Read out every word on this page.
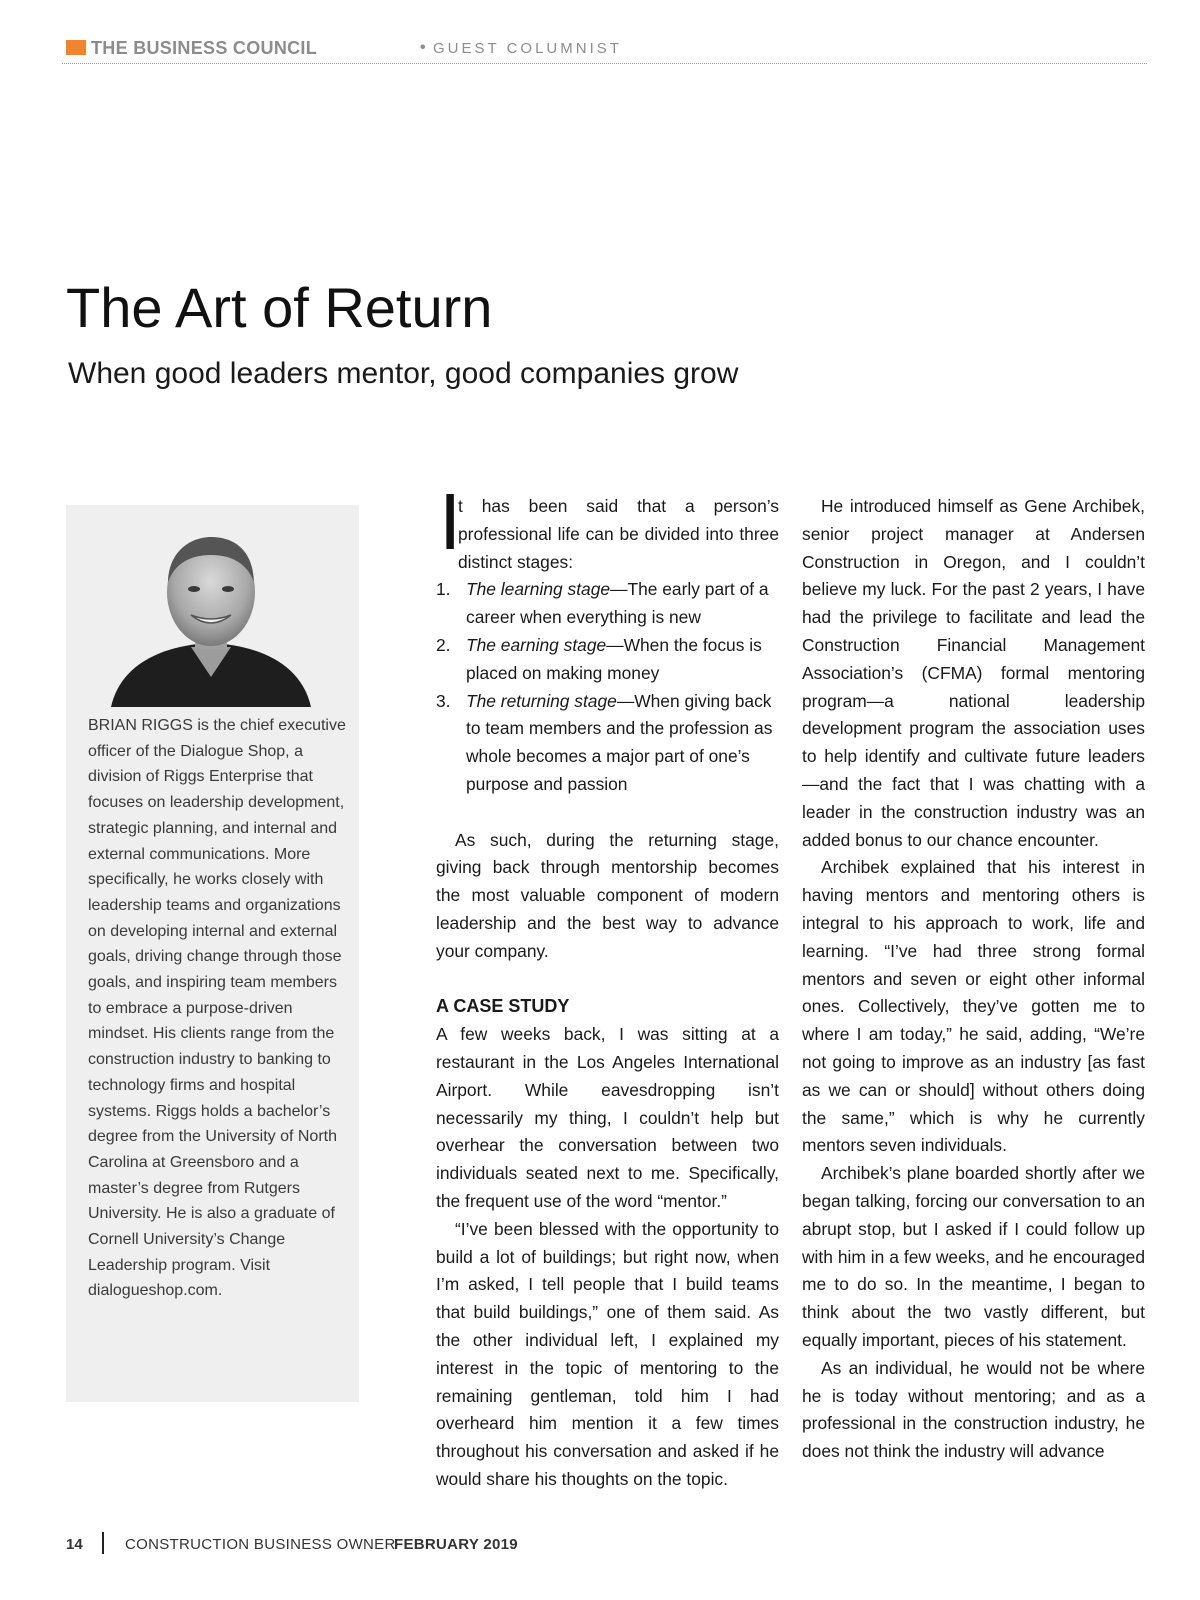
THE BUSINESS COUNCIL	• GUEST COLUMNIST
The Art of Return
When good leaders mentor, good companies grow
BRIAN RIGGS is the chief executive officer of the Dialogue Shop, a division of Riggs Enterprise that focuses on leadership development, strategic planning, and internal and external communications. More specifically, he works closely with leadership teams and organizations on developing internal and external goals, driving change through those goals, and inspiring team members to embrace a purpose-driven mindset. His clients range from the construction industry to banking to technology firms and hospital systems. Riggs holds a bachelor’s degree from the University of North Carolina at Greensboro and a master’s degree from Rutgers University. He is also a graduate of Cornell University’s Change Leadership program. Visit dialogueshop.com.

I
t has been said that a person’s professional life can be divided into three distinct stages:

1. The learning stage—The early part of a career when everything is new
2. The earning stage—When the focus is placed on making money
3. The returning stage—When giving back to team members and the profession as whole becomes a major part of one’s purpose and passion

As such, during the returning stage, giving back through mentorship becomes the most valuable component of modern leadership and the best way to advance your company.

A CASE STUDY

A few weeks back, I was sitting at a restaurant in the Los Angeles International Airport. While eavesdropping isn’t necessarily my thing, I couldn’t help but overhear the conversation between two individuals seated next to me. Specifically, the frequent use of the word “mentor.”

“I’ve been blessed with the opportunity to build a lot of buildings; but right now, when I’m asked, I tell people that I build teams that build buildings,” one of them said. As the other individual left, I explained my interest in the topic of mentoring to the remaining gentleman, told him I had overheard him mention it a few times throughout his conversation and asked if he would share his thoughts on the topic.

He introduced himself as Gene Archibek, senior project manager at Andersen Construction in Oregon, and I couldn’t believe my luck. For the past 2 years, I have had the privilege to facilitate and lead the Construction Financial Management Association’s (CFMA) formal mentoring program—a national leadership development program the association uses to help identify and cultivate future leaders—and the fact that I was chatting with a leader in the construction industry was an added bonus to our chance encounter.

Archibek explained that his interest in having mentors and mentoring others is integral to his approach to work, life and learning. “I’ve had three strong formal mentors and seven or eight other informal ones. Collectively, they’ve gotten me to where I am today,” he said, adding, “We’re not going to improve as an industry [as fast as we can or should] without others doing the same,” which is why he currently mentors seven individuals.

Archibek’s plane boarded shortly after we began talking, forcing our conversation to an abrupt stop, but I asked if I could follow up with him in a few weeks, and he encouraged me to do so. In the meantime, I began to think about the two vastly different, but equally important, pieces of his statement.

As an individual, he would not be where he is today without mentoring; and as a professional in the construction industry, he does not think the industry will advance

14	CONSTRUCTION BUSINESS OWNER
FEBRUARY 2019
